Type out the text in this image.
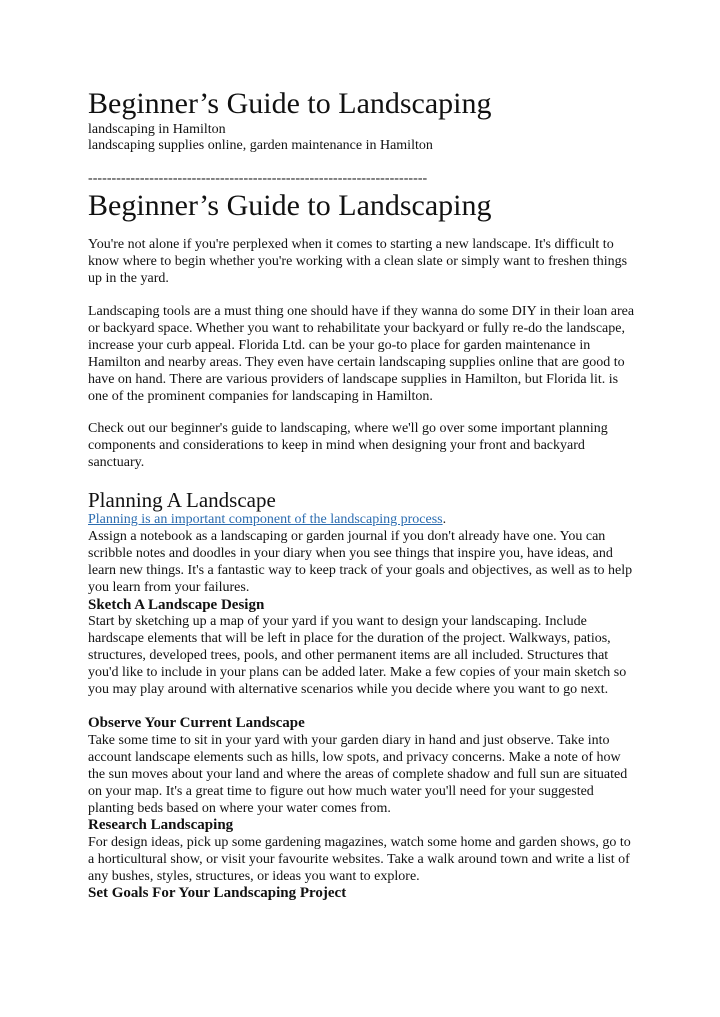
Beginner’s Guide to Landscaping
landscaping in Hamilton
landscaping supplies online, garden maintenance in Hamilton
------------------------------------------------------------------------
Beginner’s Guide to Landscaping

You're not alone if you're perplexed when it comes to starting a new landscape. It's difficult to know where to begin whether you're working with a clean slate or simply want to freshen things up in the yard.

Landscaping tools are a must thing one should have if they wanna do some DIY in their loan area or backyard space. Whether you want to rehabilitate your backyard or fully re-do the landscape, increase your curb appeal. Florida Ltd. can be your go-to place for garden maintenance in Hamilton and nearby areas. They even have certain landscaping supplies online that are good to have on hand. There are various providers of landscape supplies in Hamilton, but Florida lit. is one of the prominent companies for landscaping in Hamilton.

Check out our beginner's guide to landscaping, where we'll go over some important planning components and considerations to keep in mind when designing your front and backyard sanctuary.

Planning A Landscape

Planning is an important component of the landscaping process.
Assign a notebook as a landscaping or garden journal if you don't already have one. You can scribble notes and doodles in your diary when you see things that inspire you, have ideas, and learn new things. It's a fantastic way to keep track of your goals and objectives, as well as to help you learn from your failures.

Sketch A Landscape Design

Start by sketching up a map of your yard if you want to design your landscaping. Include hardscape elements that will be left in place for the duration of the project. Walkways, patios, structures, developed trees, pools, and other permanent items are all included. Structures that you'd like to include in your plans can be added later. Make a few copies of your main sketch so you may play around with alternative scenarios while you decide where you want to go next.

Observe Your Current Landscape

Take some time to sit in your yard with your garden diary in hand and just observe. Take into account landscape elements such as hills, low spots, and privacy concerns. Make a note of how the sun moves about your land and where the areas of complete shadow and full sun are situated on your map. It's a great time to figure out how much water you'll need for your suggested planting beds based on where your water comes from.

Research Landscaping

For design ideas, pick up some gardening magazines, watch some home and garden shows, go to a horticultural show, or visit your favourite websites. Take a walk around town and write a list of any bushes, styles, structures, or ideas you want to explore.

Set Goals For Your Landscaping Project
